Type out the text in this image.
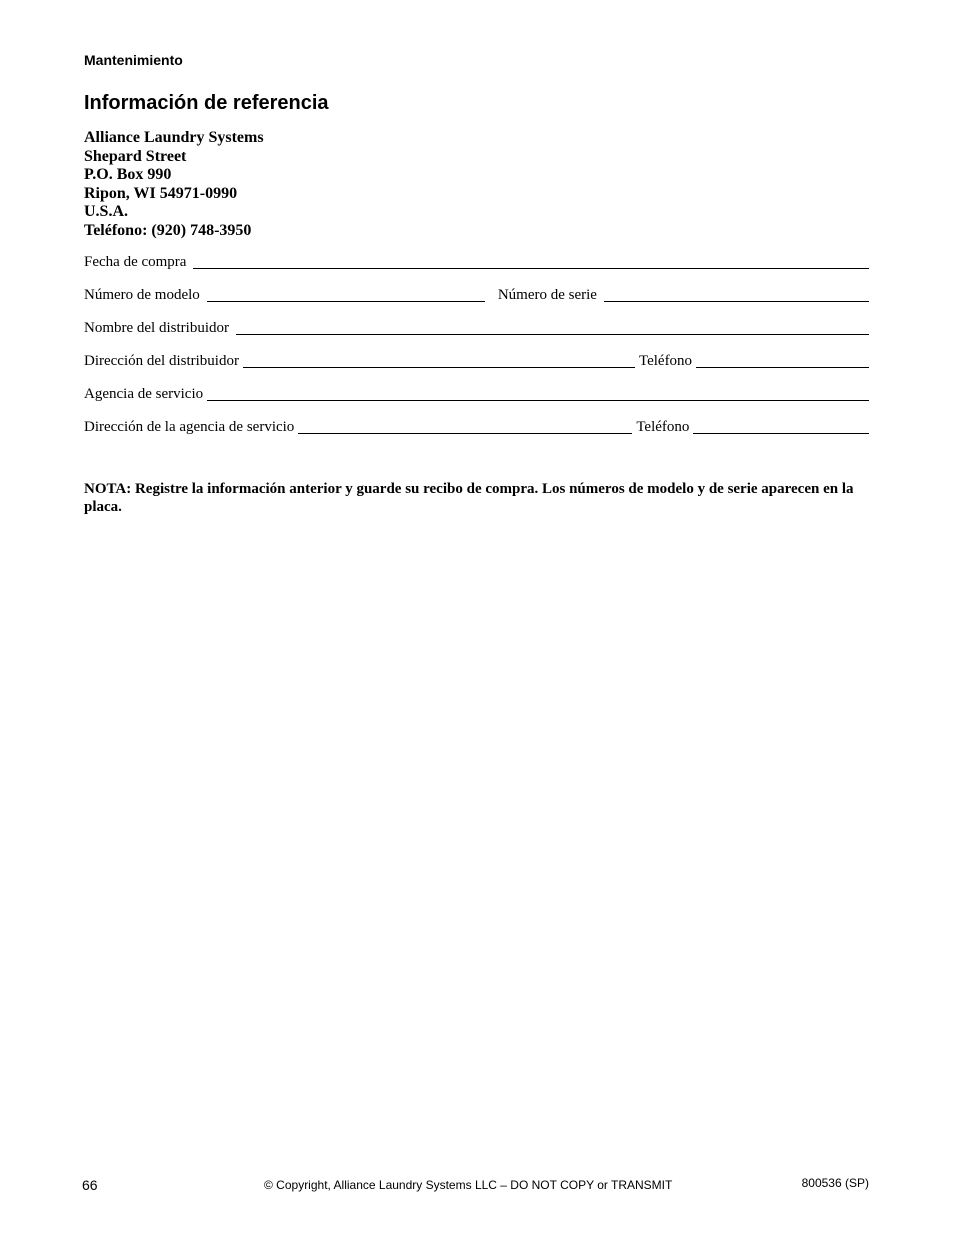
Mantenimiento
Información de referencia
Alliance Laundry Systems
Shepard Street
P.O. Box 990
Ripon, WI 54971-0990
U.S.A.
Teléfono: (920) 748-3950
Fecha de compra
Número de modelo	Número de serie
Nombre del distribuidor
Dirección del distribuidor	Teléfono
Agencia de servicio
Dirección de la agencia de servicio	Teléfono
NOTA: Registre la información anterior y guarde su recibo de compra. Los números de modelo y de serie aparecen en la placa.
66	© Copyright, Alliance Laundry Systems LLC – DO NOT COPY or TRANSMIT	800536 (SP)
